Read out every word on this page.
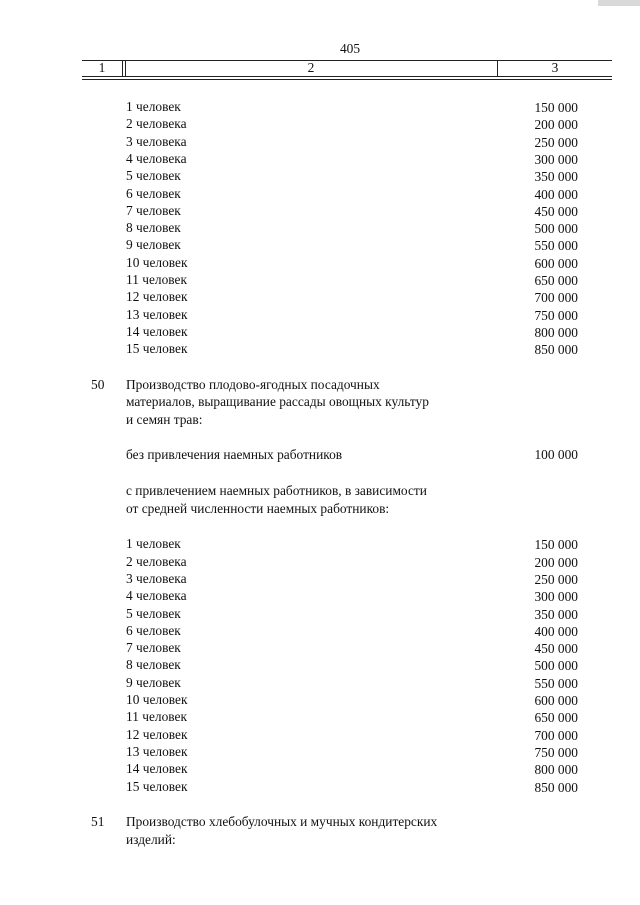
405
1	2	3
1 человек	150 000
2 человека	200 000
3 человека	250 000
4 человека	300 000
5 человек	350 000
6 человек	400 000
7 человек	450 000
8 человек	500 000
9 человек	550 000
10 человек	600 000
11 человек	650 000
12 человек	700 000
13 человек	750 000
14 человек	800 000
15 человек	850 000
50 Производство плодово-ягодных посадочных
материалов, выращивание рассады овощных культур
и семян трав:
без привлечения наемных работников	100 000
с привлечением наемных работников, в зависимости
от средней численности наемных работников:
1 человек	150 000
2 человека	200 000
3 человека	250 000
4 человека	300 000
5 человек	350 000
6 человек	400 000
7 человек	450 000
8 человек	500 000
9 человек	550 000
10 человек	600 000
11 человек	650 000
12 человек	700 000
13 человек	750 000
14 человек	800 000
15 человек	850 000
51 Производство хлебобулочных и мучных кондитерских
изделий:
